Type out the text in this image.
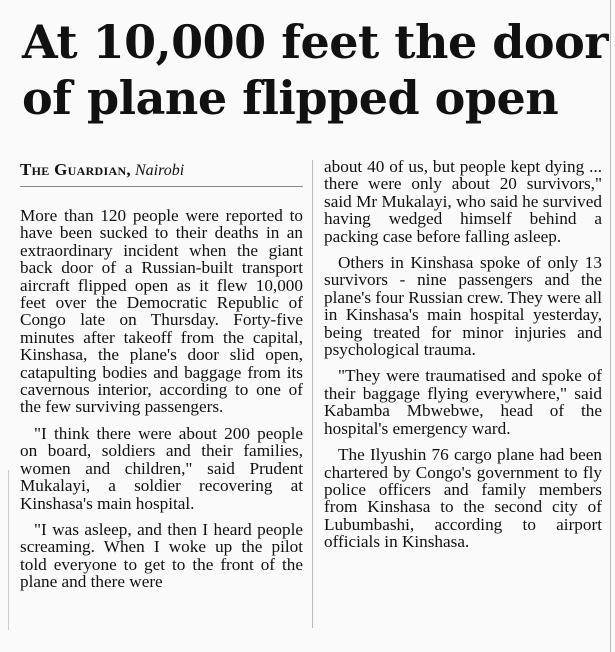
At 10,000 feet the door
of plane flipped open
The Guardian, Nairobi

More than 120 people were reported to have been sucked to their deaths in an extraordinary incident when the giant back door of a Russian-built transport aircraft flipped open as it flew 10,000 feet over the Democratic Republic of Congo late on Thursday. Forty-five minutes after takeoff from the capital, Kinshasa, the plane's door slid open, catapulting bodies and baggage from its cavernous interior, according to one of the few surviving passengers.

"I think there were about 200 people on board, soldiers and their families, women and children," said Prudent Mukalayi, a soldier recovering at Kinshasa's main hospital.

"I was asleep, and then I heard people screaming. When I woke up the pilot told everyone to get to the front of the plane and there were

about 40 of us, but people kept dying ... there were only about 20 survivors," said Mr Mukalayi, who said he survived having wedged himself behind a packing case before falling asleep.

Others in Kinshasa spoke of only 13 survivors - nine passengers and the plane's four Russian crew. They were all in Kinshasa's main hospital yesterday, being treated for minor injuries and psychological trauma.

"They were traumatised and spoke of their baggage flying everywhere," said Kabamba Mbwebwe, head of the hospital's emergency ward.

The Ilyushin 76 cargo plane had been chartered by Congo's government to fly police officers and family members from Kinshasa to the second city of Lubumbashi, according to airport officials in Kinshasa.
